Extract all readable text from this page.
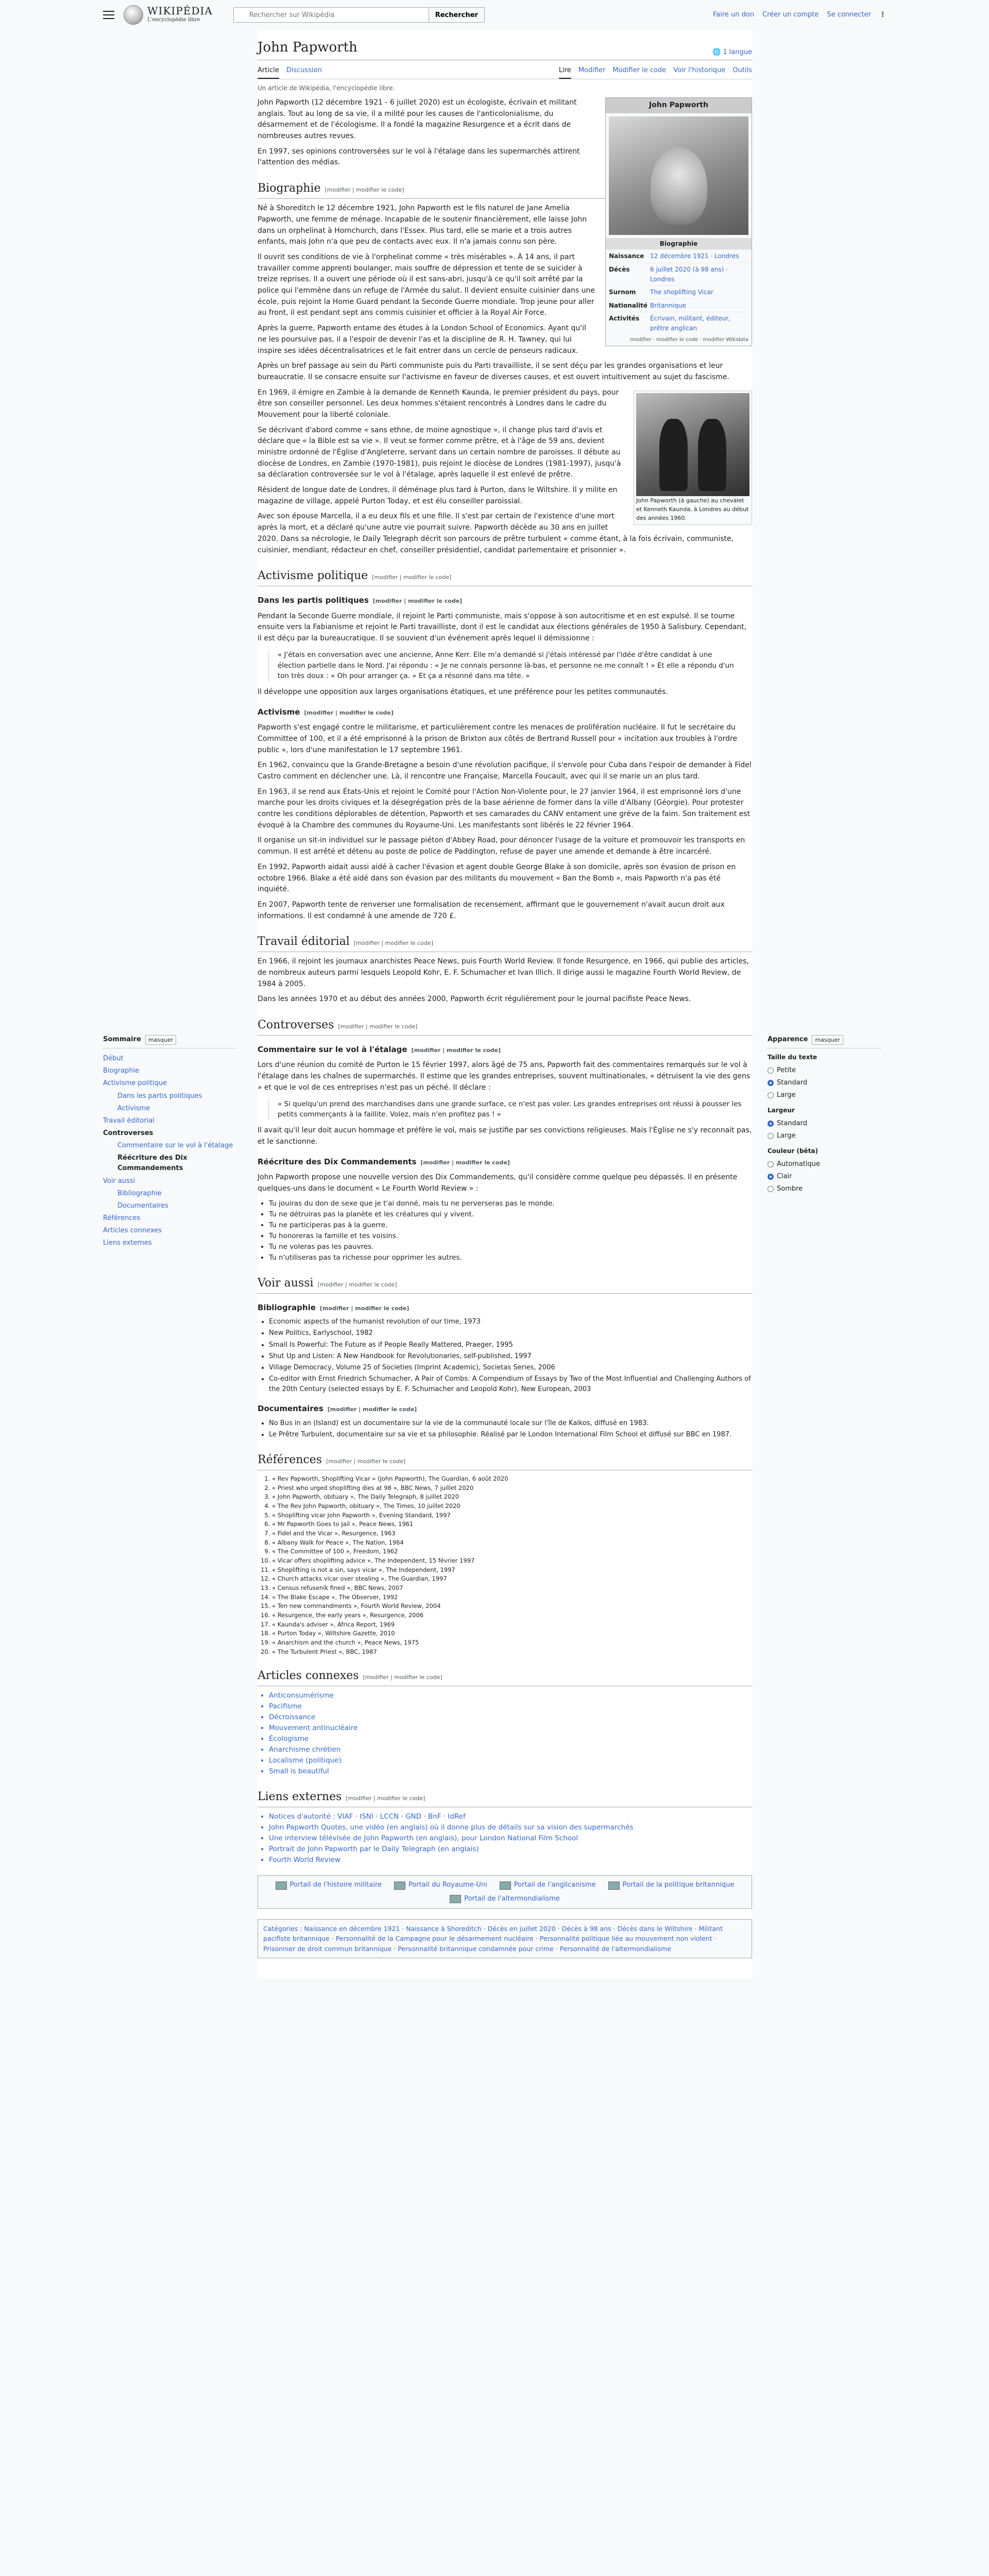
WIKIPÉDIA
L'encyclopédie libre
Rechercher sur Wikipédia
Rechercher	Faire un don Créer un compte Se connecter ⋮
Sommaire	masquer
Début
Biographie
Activisme politique
Dans les partis politiques
Activisme
Travail éditorial
Controverses
Commentaire sur le vol à l'étalage
Réécriture des Dix Commandements
Voir aussi
Bibliographie
Documentaires
Références
Articles connexes
Liens externes
Apparence	masquer
Taille du texte
Petite
Standard
Large
Largeur
Standard
Large
Couleur (bêta)
Automatique
Clair
Sombre
John Papworth	🌐 1 langue
Article Discussion	Lire Modifier Modifier le code Voir l'historique Outils
Un article de Wikipédia, l'encyclopédie libre.
John Papworth
Biographie
Naissance 12 décembre 1921 · Londres
Décès	6 juillet 2020 (à 98 ans) · Londres
Surnom	The shoplifting Vicar
Nationalité Britannique
Activités	Écrivain, militant, éditeur, prêtre anglican
modifier · modifier le code · modifier Wikidata

John Papworth (12 décembre 1921 - 6 juillet 2020) est un écologiste, écrivain et militant anglais. Tout au long de sa vie, il a milité pour les causes de l'anticolonialisme, du désarmement et de l'écologisme. Il a fondé la magazine Resurgence et a écrit dans de nombreuses autres revues.

En 1997, ses opinions controversées sur le vol à l'étalage dans les supermarchés attirent l'attention des médias.

Biographie [modifier | modifier le code]

Né à Shoreditch le 12 décembre 1921, John Papworth est le fils naturel de Jane Amelia Papworth, une femme de ménage. Incapable de le soutenir financièrement, elle laisse John dans un orphelinat à Hornchurch, dans l'Essex. Plus tard, elle se marie et a trois autres enfants, mais John n'a que peu de contacts avec eux. Il n'a jamais connu son père.

Il ouvrit ses conditions de vie à l'orphelinat comme « très misérables ». À 14 ans, il part travailler comme apprenti boulanger, mais souffre de dépression et tente de se suicider à treize reprises. Il a ouvert une période où il est sans-abri, jusqu'à ce qu'il soit arrêté par la police qui l'emmène dans un refuge de l'Armée du salut. Il devient ensuite cuisinier dans une école, puis rejoint la Home Guard pendant la Seconde Guerre mondiale. Trop jeune pour aller au front, il est pendant sept ans commis cuisinier et officier à la Royal Air Force.

Après la guerre, Papworth entame des études à la London School of Economics. Ayant qu'il ne les poursuive pas, il a l'espoir de devenir l'as et la discipline de R. H. Tawney, qui lui inspire ses idées décentralisatrices et le fait entrer dans un cercle de penseurs radicaux.

Après un bref passage au sein du Parti communiste puis du Parti travailliste, il se sent déçu par les grandes organisations et leur bureaucratie. Il se consacre ensuite sur l'activisme en faveur de diverses causes, et est ouvert intuitivement au sujet du fascisme.

John Papworth (à gauche) au chevalet et Kenneth Kaunda, à Londres au début des années 1960.

En 1969, il émigre en Zambie à la demande de Kenneth Kaunda, le premier président du pays, pour être son conseiller personnel. Les deux hommes s'étaient rencontrés à Londres dans le cadre du Mouvement pour la liberté coloniale.

Se décrivant d'abord comme « sans ethne, de moine agnostique », il change plus tard d'avis et déclare que « la Bible est sa vie ». Il veut se former comme prêtre, et à l'âge de 59 ans, devient ministre ordonné de l'Église d'Angleterre, servant dans un certain nombre de paroisses. Il débute au diocèse de Londres, en Zambie (1970-1981), puis rejoint le diocèse de Londres (1981-1997), jusqu'à sa déclaration controversée sur le vol à l'étalage, après laquelle il est enlevé de prêtre.

Résident de longue date de Londres, il déménage plus tard à Purton, dans le Wiltshire. Il y milite en magazine de village, appelé Purton Today, et est élu conseiller paroissial.

Avec son épouse Marcella, il a eu deux fils et une fille. Il s'est par certain de l'existence d'une mort après la mort, et a déclaré qu'une autre vie pourrait suivre. Papworth décède au 30 ans en juillet 2020. Dans sa nécrologie, le Daily Telegraph décrit son parcours de prêtre turbulent « comme étant, à la fois écrivain, communiste, cuisinier, mendiant, rédacteur en chef, conseiller présidentiel, candidat parlementaire et prisonnier ».

Activisme politique [modifier | modifier le code]
Dans les partis politiques [modifier | modifier le code]

Pendant la Seconde Guerre mondiale, il rejoint le Parti communiste, mais s'oppose à son autocritisme et en est expulsé. Il se tourne ensuite vers la Fabianisme et rejoint le Parti travailliste, dont il est le candidat aux élections générales de 1950 à Salisbury. Cependant, il est déçu par la bureaucratique. Il se souvient d'un événement après lequel il démissionne :

« J'étais en conversation avec une ancienne, Anne Kerr. Elle m'a demandé si j'étais intéressé par l'idée d'être candidat à une élection partielle dans le Nord. J'ai répondu : « Je ne connais personne là-bas, et personne ne me connaît ! » Et elle a répondu d'un ton très doux : « Oh pour arranger ça. » Et ça a résonné dans ma tête. »

Il développe une opposition aux larges organisations étatiques, et une préférence pour les petites communautés.

Activisme [modifier | modifier le code]

Papworth s'est engagé contre le militarisme, et particulièrement contre les menaces de prolifération nucléaire. Il fut le secrétaire du Committee of 100, et il a été emprisonné à la prison de Brixton aux côtés de Bertrand Russell pour « incitation aux troubles à l'ordre public », lors d'une manifestation le 17 septembre 1961.

En 1962, convaincu que la Grande-Bretagne a besoin d'une révolution pacifique, il s'envole pour Cuba dans l'espoir de demander à Fidel Castro comment en déclencher une. Là, il rencontre une Française, Marcella Foucault, avec qui il se marie un an plus tard.

En 1963, il se rend aux États-Unis et rejoint le Comité pour l'Action Non-Violente pour, le 27 janvier 1964, il est emprisonné lors d'une marche pour les droits civiques et la désegrégation près de la base aérienne de former dans la ville d'Albany (Géorgie). Pour protester contre les conditions déplorables de détention, Papworth et ses camarades du CANV entament une grève de la faim. Son traitement est évoqué à la Chambre des communes du Royaume-Uni. Les manifestants sont libérés le 22 février 1964.

Il organise un sit-in individuel sur le passage piéton d'Abbey Road, pour dénoncer l'usage de la voiture et promouvoir les transports en commun. Il est arrêté et détenu au poste de police de Paddington, refuse de payer une amende et demande à être incarcéré.

En 1992, Papworth aidait aussi aidé à cacher l'évasion et agent double George Blake à son domicile, après son évasion de prison en octobre 1966. Blake a été aidé dans son évasion par des militants du mouvement « Ban the Bomb », mais Papworth n'a pas été inquiété.

En 2007, Papworth tente de renverser une formalisation de recensement, affirmant que le gouvernement n'avait aucun droit aux informations. Il est condamné à une amende de 720 £.

Travail éditorial [modifier | modifier le code]

En 1966, il rejoint les journaux anarchistes Peace News, puis Fourth World Review. Il fonde Resurgence, en 1966, qui publie des articles, de nombreux auteurs parmi lesquels Leopold Kohr, E. F. Schumacher et Ivan Illich. Il dirige aussi le magazine Fourth World Review, de 1984 à 2005.

Dans les années 1970 et au début des années 2000, Papworth écrit régulièrement pour le journal pacifiste Peace News.

Controverses [modifier | modifier le code]
Commentaire sur le vol à l'étalage [modifier | modifier le code]

Lors d'une réunion du comité de Purton le 15 février 1997, alors âgé de 75 ans, Papworth fait des commentaires remarqués sur le vol à l'étalage dans les chaînes de supermarchés. Il estime que les grandes entreprises, souvent multinationales, « détruisent la vie des gens » et que le vol de ces entreprises n'est pas un péché. Il déclare :

« Si quelqu'un prend des marchandises dans une grande surface, ce n'est pas voler. Les grandes entreprises ont réussi à pousser les petits commerçants à la faillite. Volez, mais n'en profitez pas ! »

Il avait qu'il leur doit aucun hommage et préfère le vol, mais se justifie par ses convictions religieuses. Mais l'Église ne s'y reconnait pas, et le sanctionne.

Réécriture des Dix Commandements [modifier | modifier le code]

John Papworth propose une nouvelle version des Dix Commandements, qu'il considère comme quelque peu dépassés. Il en présente quelques-uns dans le document « Le Fourth World Review » :

• Tu jouiras du don de sexe que je t'ai donné, mais tu ne perverseras pas le monde.
• Tu ne détruiras pas la planète et les créatures qui y vivent.
• Tu ne participeras pas à la guerre.
• Tu honoreras la famille et tes voisins.
• Tu ne voleras pas les pauvres.
• Tu n'utiliseras pas ta richesse pour opprimer les autres.
Voir aussi [modifier | modifier le code]
Bibliographie [modifier | modifier le code]
• Economic aspects of the humanist revolution of our time, 1973
• New Politics, Earlyschool, 1982
• Small Is Powerful: The Future as if People Really Mattered, Praeger, 1995
• Shut Up and Listen: A New Handbook for Revolutionaries, self-published, 1997
• Village Democracy, Volume 25 of Societies (Imprint Academic), Societas Series, 2006
• Co-editor with Ernst Friedrich Schumacher, A Pair of Combs: A Compendium of Essays by Two of the Most Influential and Challenging Authors of the 20th Century (selected essays by E. F. Schumacher and Leopold Kohr), New European, 2003
Documentaires [modifier | modifier le code]
• No Bus in an (Island) est un documentaire sur la vie de la communauté locale sur l'île de Kalkos, diffusé en 1983.
• Le Prêtre Turbulent, documentaire sur sa vie et sa philosophie. Réalisé par le London International Film School et diffusé sur BBC en 1987.
Références [modifier | modifier le code]
1. « Rev Papworth, Shoplifting Vicar » (John Papworth), The Guardian, 6 août 2020
2. « Priest who urged shoplifting dies at 98 », BBC News, 7 juillet 2020
3. « John Papworth, obituary », The Daily Telegraph, 8 juillet 2020
4. « The Rev John Papworth, obituary », The Times, 10 juillet 2020
5. « Shoplifting vicar John Papworth », Evening Standard, 1997
6. « Mr Papworth Goes to Jail », Peace News, 1961
7. « Fidel and the Vicar », Resurgence, 1963
8. « Albany Walk for Peace », The Nation, 1964
9. « The Committee of 100 », Freedom, 1962
10. « Vicar offers shoplifting advice », The Independent, 15 février 1997
11. « Shoplifting is not a sin, says vicar », The Independent, 1997
12. « Church attacks vicar over stealing », The Guardian, 1997
13. « Census refusenik fined », BBC News, 2007
14. « The Blake Escape », The Observer, 1992
15. « Ten new commandments », Fourth World Review, 2004
16. « Resurgence, the early years », Resurgence, 2006
17. « Kaunda's adviser », Africa Report, 1969
18. « Purton Today », Wiltshire Gazette, 2010
19. « Anarchism and the church », Peace News, 1975
20. « The Turbulent Priest », BBC, 1987
Articles connexes [modifier | modifier le code]
• Anticonsumérisme
• Pacifisme
• Décroissance
• Mouvement antinucléaire
• Écologisme
• Anarchisme chrétien
• Localisme (politique)
• Small is beautiful
Liens externes [modifier | modifier le code]
• Notices d'autorité : VIAF · ISNI · LCCN · GND · BnF · IdRef
• John Papworth Quotes, une vidéo (en anglais) où il donne plus de détails sur sa vision des supermarchés
• Une interview télévisée de John Papworth (en anglais), pour London National Film School
• Portrait de John Papworth par le Daily Telegraph (en anglais)
• Fourth World Review
Portail de l'histoire militaire	Portail du Royaume-Uni	Portail de l'anglicanisme	Portail de la politique britannique
Portail de l'altermondialisme
Catégories : Naissance en décembre 1921 · Naissance à Shoreditch · Décès en juillet 2020 · Décès à 98 ans · Décès dans le Wiltshire · Militant pacifiste britannique · Personnalité de la Campagne pour le désarmement nucléaire · Personnalité politique liée au mouvement non violent · Prisonnier de droit commun britannique · Personnalité britannique condamnée pour crime · Personnalité de l'altermondialisme
